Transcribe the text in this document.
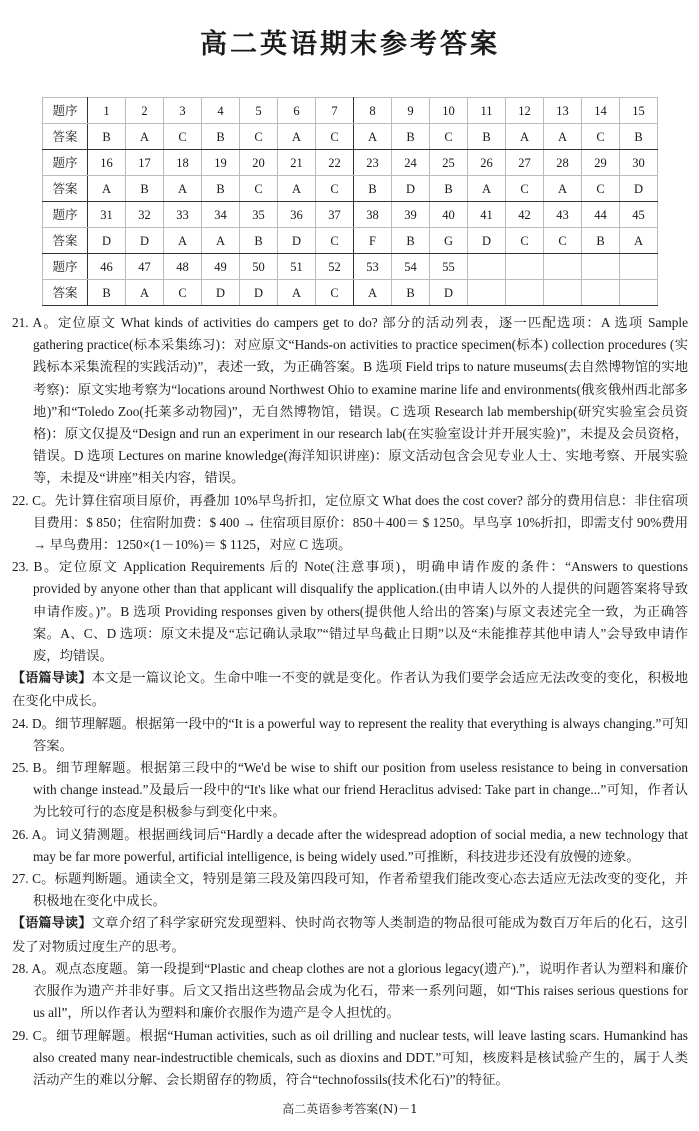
高二英语期末参考答案
题序	1	2	3	4	5	6	7	8	9	10	11	12	13	14	15
答案	B	A	C	B	C	A	C	A	B	C	B	A	A	C	B
题序	16	17	18	19	20	21	22	23	24	25	26	27	28	29	30
答案	A	B	A	B	C	A	C	B	D	B	A	C	A	C	D
题序	31	32	33	34	35	36	37	38	39	40	41	42	43	44	45
答案	D	D	A	A	B	D	C	F	B	G	D	C	C	B	A
题序	46	47	48	49	50	51	52	53	54	55					
答案	B	A	C	D	D	A	C	A	B	D					
21. A。定位原文 What kinds of activities do campers get to do? 部分的活动列表，逐一匹配选项：A 选项 Sample gathering practice(标本采集练习)：对应原文“Hands-on activities to practice specimen(标本) collection procedures (实践标本采集流程的实践活动)”，表述一致，为正确答案。B 选项 Field trips to nature museums(去自然博物馆的实地考察)：原文实地考察为“locations around Northwest Ohio to examine marine life and environments(俄亥俄州西北部多地)”和“Toledo Zoo(托莱多动物园)”，无自然博物馆，错误。C 选项 Research lab membership(研究实验室会员资格)：原文仅提及“Design and run an experiment in our research lab(在实验室设计并开展实验)”，未提及会员资格，错误。D 选项 Lectures on marine knowledge(海洋知识讲座)：原文活动包含会见专业人士、实地考察、开展实验等，未提及“讲座”相关内容，错误。
22. C。先计算住宿项目原价，再叠加 10%早鸟折扣，定位原文 What does the cost cover? 部分的费用信息：非住宿项目费用：$ 850；住宿附加费：$ 400 → 住宿项目原价：850＋400＝ $ 1250。早鸟享 10%折扣，即需支付 90%费用 → 早鸟费用：1250×(1－10%)＝ $ 1125，对应 C 选项。
23. B。定位原文 Application Requirements 后的 Note(注意事项)，明确申请作废的条件：“Answers to questions provided by anyone other than that applicant will disqualify the application.(由申请人以外的人提供的问题答案将导致申请作废。)”。B 选项 Providing responses given by others(提供他人给出的答案)与原文表述完全一致，为正确答案。A、C、D 选项：原文未提及“忘记确认录取”“错过早鸟截止日期”以及“未能推荐其他申请人”会导致申请作废，均错误。
【语篇导读】本文是一篇议论文。生命中唯一不变的就是变化。作者认为我们要学会适应无法改变的变化，积极地在变化中成长。
24. D。细节理解题。根据第一段中的“It is a powerful way to represent the reality that everything is always changing.”可知答案。
25. B。细节理解题。根据第三段中的“We'd be wise to shift our position from useless resistance to being in conversation with change instead.”及最后一段中的“It's like what our friend Heraclitus advised: Take part in change...”可知，作者认为比较可行的态度是积极参与到变化中来。
26. A。词义猜测题。根据画线词后“Hardly a decade after the widespread adoption of social media, a new technology that may be far more powerful, artificial intelligence, is being widely used.”可推断，科技进步还没有放慢的迹象。
27. C。标题判断题。通读全文，特别是第三段及第四段可知，作者希望我们能改变心态去适应无法改变的变化，并积极地在变化中成长。
【语篇导读】文章介绍了科学家研究发现塑料、快时尚衣物等人类制造的物品很可能成为数百万年后的化石，这引发了对物质过度生产的思考。
28. A。观点态度题。第一段提到“Plastic and cheap clothes are not a glorious legacy(遗产).”，说明作者认为塑料和廉价衣服作为遗产并非好事。后文又指出这些物品会成为化石，带来一系列问题，如“This raises serious questions for us all”，所以作者认为塑料和廉价衣服作为遗产是令人担忧的。
29. C。细节理解题。根据“Human activities, such as oil drilling and nuclear tests, will leave lasting scars. Humankind has also created many near-indestructible chemicals, such as dioxins and DDT.”可知，核废料是核试验产生的，属于人类活动产生的难以分解、会长期留存的物质，符合“technofossils(技术化石)”的特征。
高二英语参考答案(N)－1
